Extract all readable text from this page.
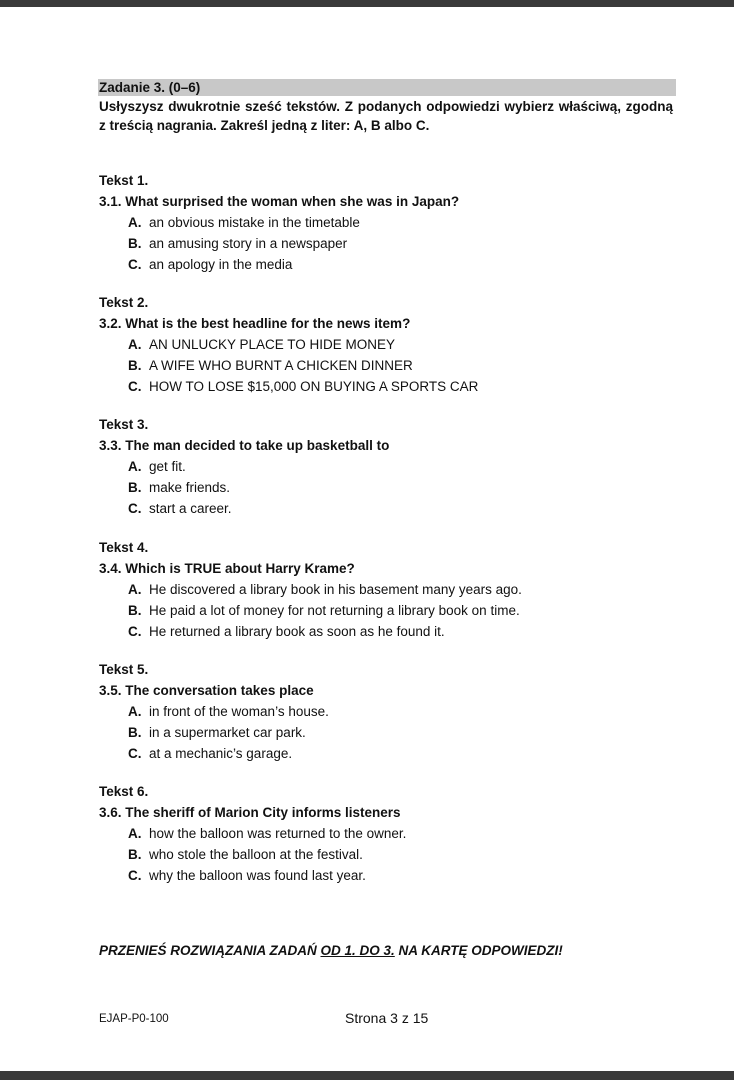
Zadanie 3. (0–6)
Usłyszysz dwukrotnie sześć tekstów. Z podanych odpowiedzi wybierz właściwą, zgodną z treścią nagrania. Zakreśl jedną z liter: A, B albo C.
Tekst 1.
3.1. What surprised the woman when she was in Japan?
A. an obvious mistake in the timetable
B. an amusing story in a newspaper
C. an apology in the media
Tekst 2.
3.2. What is the best headline for the news item?
A. AN UNLUCKY PLACE TO HIDE MONEY
B. A WIFE WHO BURNT A CHICKEN DINNER
C. HOW TO LOSE $15,000 ON BUYING A SPORTS CAR
Tekst 3.
3.3. The man decided to take up basketball to
A. get fit.
B. make friends.
C. start a career.
Tekst 4.
3.4. Which is TRUE about Harry Krame?
A. He discovered a library book in his basement many years ago.
B. He paid a lot of money for not returning a library book on time.
C. He returned a library book as soon as he found it.
Tekst 5.
3.5. The conversation takes place
A. in front of the woman’s house.
B. in a supermarket car park.
C. at a mechanic’s garage.
Tekst 6.
3.6. The sheriff of Marion City informs listeners
A. how the balloon was returned to the owner.
B. who stole the balloon at the festival.
C. why the balloon was found last year.
PRZENIEŚ ROZWIĄZANIA ZADAŃ OD 1. DO 3. NA KARTĘ ODPOWIEDZI!
EJAP-P0-100	Strona 3 z 15
